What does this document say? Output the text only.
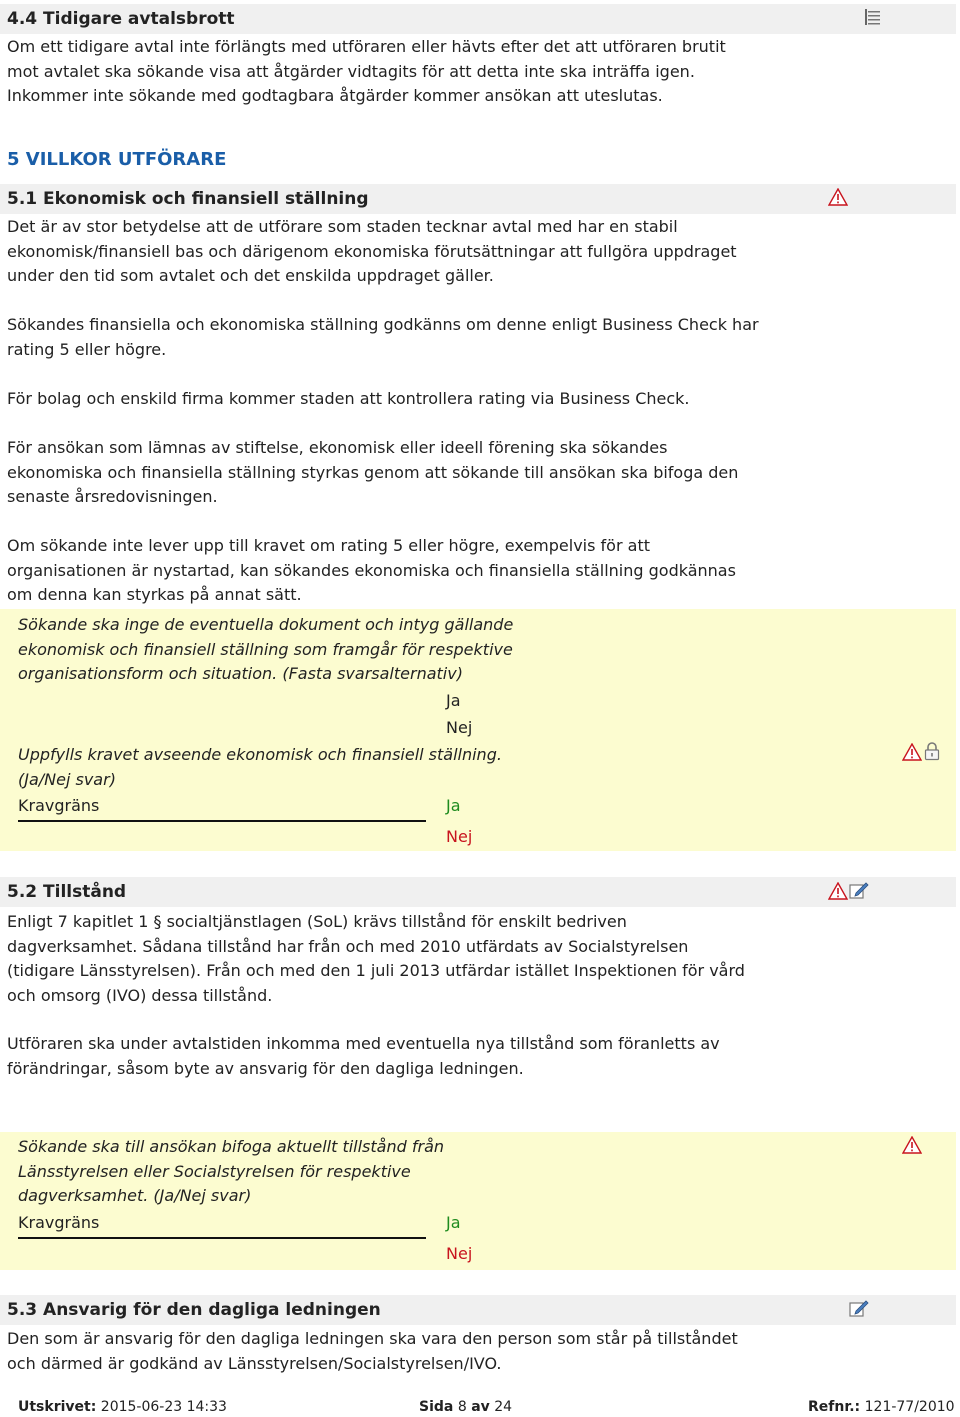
4.4 Tidigare avtalsbrott
Om ett tidigare avtal inte förlängts med utföraren eller hävts efter det att utföraren brutit
mot avtalet ska sökande visa att åtgärder vidtagits för att detta inte ska inträffa igen.
Inkommer inte sökande med godtagbara åtgärder kommer ansökan att uteslutas.
5 VILLKOR UTFÖRARE
5.1 Ekonomisk och finansiell ställning
Det är av stor betydelse att de utförare som staden tecknar avtal med har en stabil
ekonomisk/finansiell bas och därigenom ekonomiska förutsättningar att fullgöra uppdraget
under den tid som avtalet och det enskilda uppdraget gäller.
Sökandes finansiella och ekonomiska ställning godkänns om denne enligt Business Check har
rating 5 eller högre.
För bolag och enskild firma kommer staden att kontrollera rating via Business Check.
För ansökan som lämnas av stiftelse, ekonomisk eller ideell förening ska sökandes
ekonomiska och finansiella ställning styrkas genom att sökande till ansökan ska bifoga den
senaste årsredovisningen.
Om sökande inte lever upp till kravet om rating 5 eller högre, exempelvis för att
organisationen är nystartad, kan sökandes ekonomiska och finansiella ställning godkännas
om denna kan styrkas på annat sätt.
Sökande ska inge de eventuella dokument och intyg gällande
ekonomisk och finansiell ställning som framgår för respektive
organisationsform och situation. (Fasta svarsalternativ)
Ja
Nej
Uppfylls kravet avseende ekonomisk och finansiell ställning.
(Ja/Nej svar)
Kravgräns	Ja
Nej
5.2 Tillstånd
Enligt 7 kapitlet 1 § socialtjänstlagen (SoL) krävs tillstånd för enskilt bedriven
dagverksamhet. Sådana tillstånd har från och med 2010 utfärdats av Socialstyrelsen
(tidigare Länsstyrelsen). Från och med den 1 juli 2013 utfärdar istället Inspektionen för vård
och omsorg (IVO) dessa tillstånd.
Utföraren ska under avtalstiden inkomma med eventuella nya tillstånd som föranletts av
förändringar, såsom byte av ansvarig för den dagliga ledningen.
Sökande ska till ansökan bifoga aktuellt tillstånd från
Länsstyrelsen eller Socialstyrelsen för respektive
dagverksamhet. (Ja/Nej svar)
Kravgräns	Ja
Nej
5.3 Ansvarig för den dagliga ledningen
Den som är ansvarig för den dagliga ledningen ska vara den person som står på tillståndet
och därmed är godkänd av Länsstyrelsen/Socialstyrelsen/IVO.
Utskrivet: 2015-06-23 14:33	Sida 8 av 24	Refnr.: 121-77/2010
